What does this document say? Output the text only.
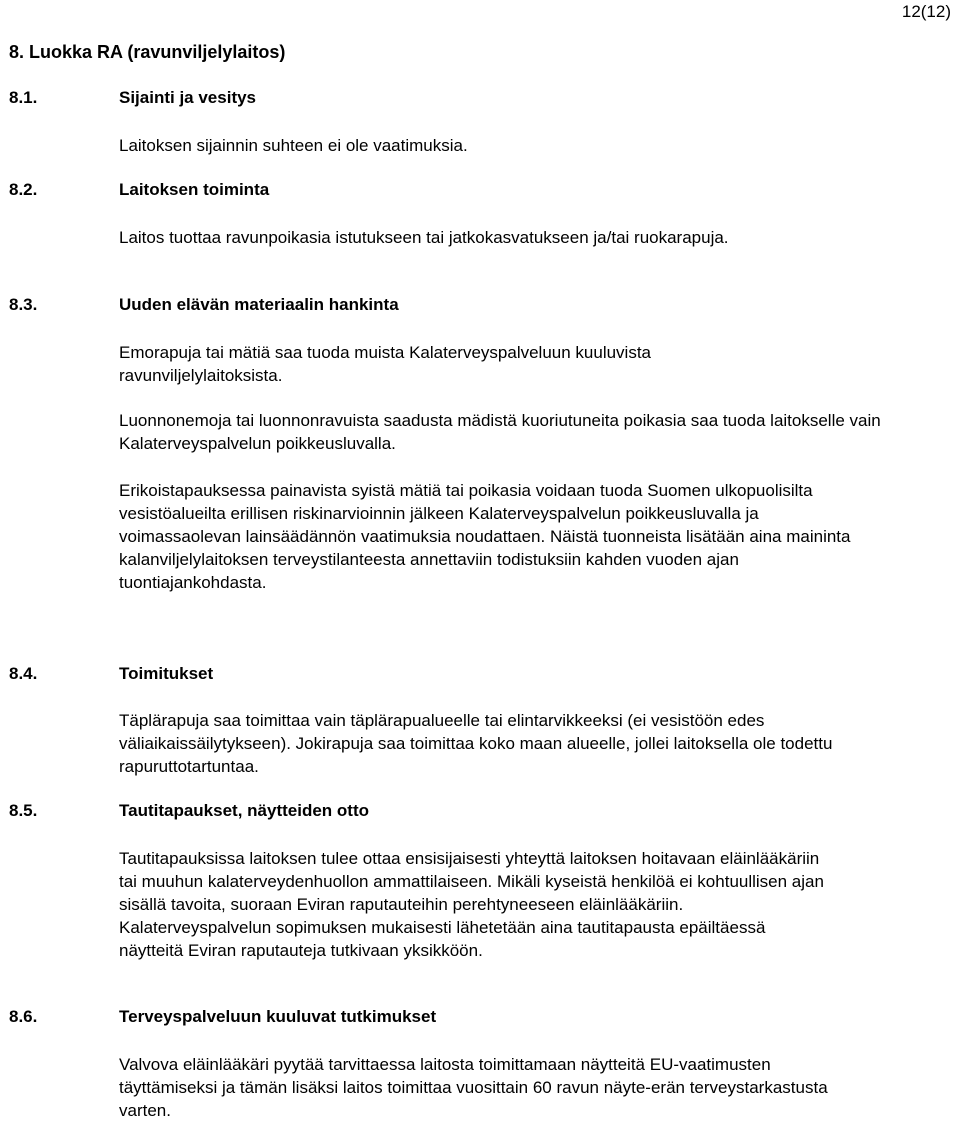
12(12)
8. Luokka RA (ravunviljelylaitos)
8.1.	Sijainti ja vesitys

Laitoksen sijainnin suhteen ei ole vaatimuksia.

8.2.	Laitoksen toiminta

Laitos tuottaa ravunpoikasia istutukseen tai jatkokasvatukseen ja/tai ruokarapuja.

8.3.	Uuden elävän materiaalin hankinta

Emorapuja tai mätiä saa tuoda muista Kalaterveyspalveluun kuuluvista ravunviljelylaitoksista.

Luonnonemoja tai luonnonravuista saadusta mädistä kuoriutuneita poikasia saa tuoda laitokselle vain Kalaterveyspalvelun poikkeusluvalla.

Erikoistapauksessa painavista syistä mätiä tai poikasia voidaan tuoda Suomen ulkopuolisilta vesistöalueilta erillisen riskinarvioinnin jälkeen Kalaterveyspalvelun poikkeusluvalla ja voimassaolevan lainsäädännön vaatimuksia noudattaen. Näistä tuonneista lisätään aina maininta kalanviljelylaitoksen terveystilanteesta annettaviin todistuksiin kahden vuoden ajan tuontiajankohdasta.

8.4.	Toimitukset

Täplärapuja saa toimittaa vain täplärapualueelle tai elintarvikkeeksi (ei vesistöön edes väliaikaissäilytykseen). Jokirapuja saa toimittaa koko maan alueelle, jollei laitoksella ole todettu rapuruttotartuntaa.

8.5.	Tautitapaukset, näytteiden otto

Tautitapauksissa laitoksen tulee ottaa ensisijaisesti yhteyttä laitoksen hoitavaan eläinlääkäriin tai muuhun kalaterveydenhuollon ammattilaiseen. Mikäli kyseistä henkilöä ei kohtuullisen ajan sisällä tavoita, suoraan Eviran raputauteihin perehtyneeseen eläinlääkäriin. Kalaterveyspalvelun sopimuksen mukaisesti lähetetään aina tautitapausta epäiltäessä näytteitä Eviran raputauteja tutkivaan yksikköön.

8.6.	Terveyspalveluun kuuluvat tutkimukset

Valvova eläinlääkäri pyytää tarvittaessa laitosta toimittamaan näytteitä EU-vaatimusten täyttämiseksi ja tämän lisäksi laitos toimittaa vuosittain 60 ravun näyte-erän terveystarkastusta varten.
